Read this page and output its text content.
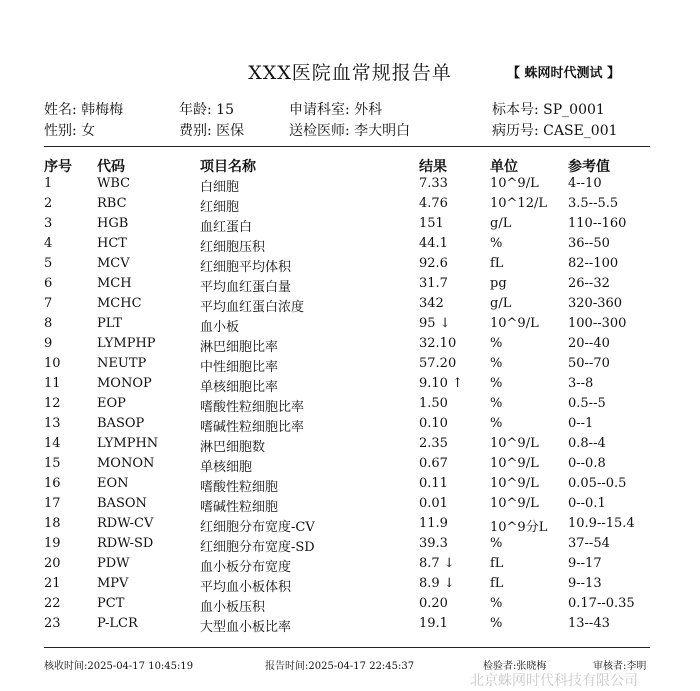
XXX医院血常规报告单	【 蛛网时代测试 】
姓名: 韩梅梅	年龄: 15	申请科室: 外科	标本号: SP_0001
性别: 女	费别: 医保	送检医师: 李大明白	病历号: CASE_001
序号 代码	项目名称	结果	单位	参考值
1	WBC	白细胞	7.33	10^9/L 4--10
2	RBC	红细胞	4.76	10^12/L 3.5--5.5
3	HGB	血红蛋白	151	g/L	110--160
4	HCT	红细胞压积	44.1	%	36--50
5	MCV	红细胞平均体积	92.6	fL	82--100
6	MCH	平均血红蛋白量	31.7	pg	26--32
7	MCHC	平均血红蛋白浓度	342	g/L	320-360
8	PLT	血小板	95 ↓	10^9/L 100--300
9	LYMPHP	淋巴细胞比率	32.10	%	20--40
10	NEUTP	中性细胞比率	57.20	%	50--70
11	MONOP	单核细胞比率	9.10 ↑ %	3--8
12	EOP	嗜酸性粒细胞比率	1.50	%	0.5--5
13	BASOP	嗜碱性粒细胞比率	0.10	%	0--1
14	LYMPHN	淋巴细胞数	2.35	10^9/L 0.8--4
15	MONON	单核细胞	0.67	10^9/L 0--0.8
16	EON	嗜酸性粒细胞	0.11	10^9/L 0.05--0.5
17	BASON	嗜碱性粒细胞	0.01	10^9/L 0--0.1
18	RDW-CV	红细胞分布宽度-CV	11.9	10^9分L 10.9--15.4
19	RDW-SD	红细胞分布宽度-SD	39.3	%	37--54
20	PDW	血小板分布宽度	8.7 ↓	fL	9--17
21	MPV	平均血小板体积	8.9 ↓	fL	9--13
22	PCT	血小板压积	0.20	%	0.17--0.35
23	P-LCR	大型血小板比率	19.1	%	13--43
核收时间:2025-04-17 10:45:19	报告时间:2025-04-17 22:45:37	检验者:张晓梅	审核者:李明
北京蛛网时代科技有限公司
